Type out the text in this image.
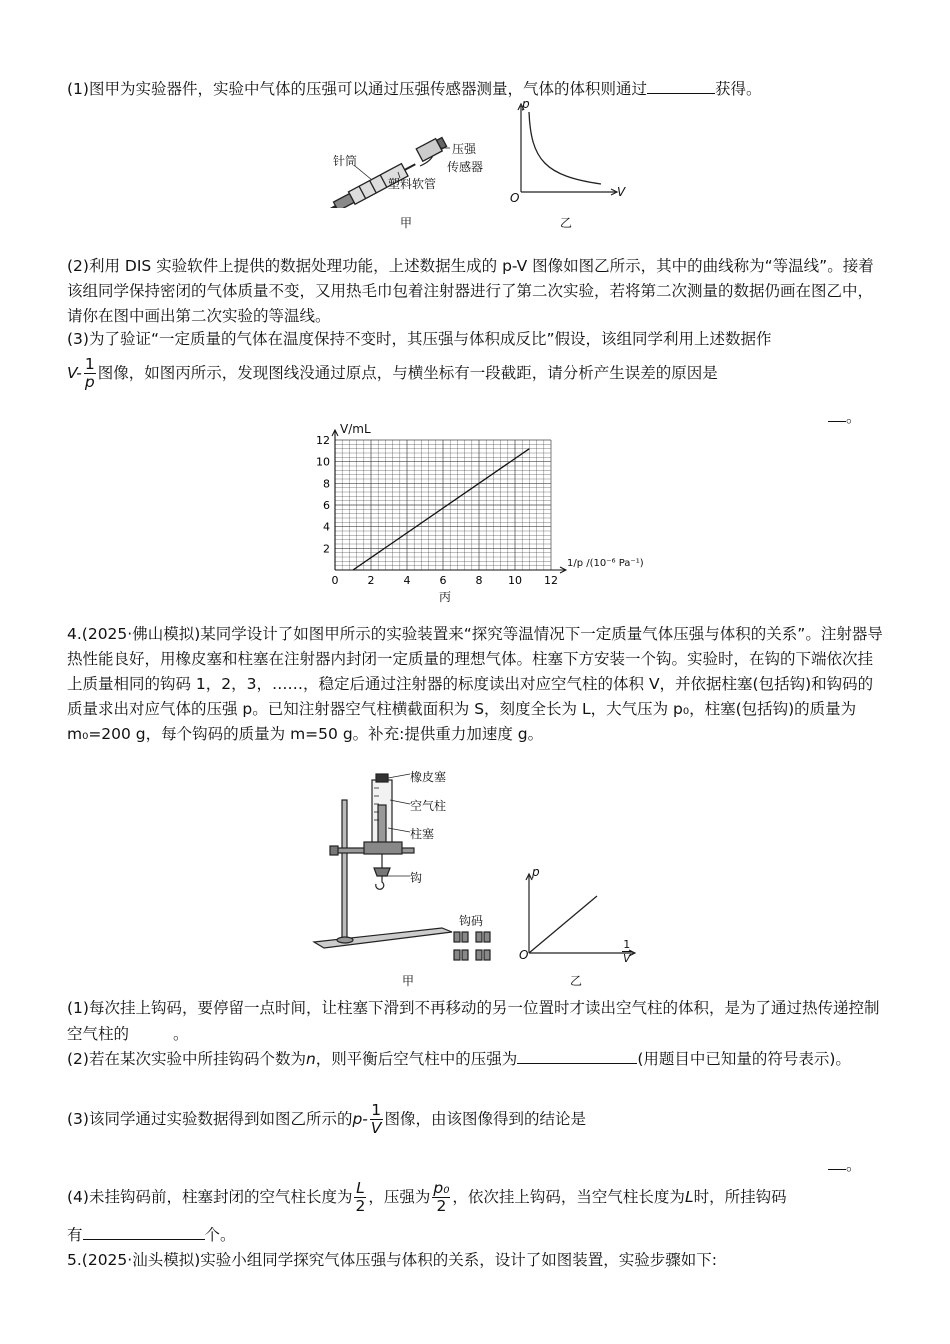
(1)图甲为实验器件，实验中气体的压强可以通过压强传感器测量，气体的体积则通过	获得。
针筒
压强
传感器
塑料软管
甲
p
V
O
乙
(2)利用 DIS 实验软件上提供的数据处理功能，上述数据生成的 p-V 图像如图乙所示，其中的曲线称为“等温线”。接着该组同学保持密闭的气体质量不变，又用热毛巾包着注射器进行了第二次实验，若将第二次测量的数据仍画在图乙中，请你在图中画出第二次实验的等温线。
(3)为了验证“一定质量的气体在温度保持不变时，其压强与体积成反比”假设，该组同学利用上述数据作
$V- \frac{1}{p}$ 图像，如图丙所示，发现图线没通过原点，与横坐标有一段截距，请分析产生误差的原因是
。
0	2	4	6	8 10 12
2
4
6
8
10
12
V/mL
1/p /(10⁻⁶ Pa⁻¹)
丙
4.(2025·佛山模拟)某同学设计了如图甲所示的实验装置来“探究等温情况下一定质量气体压强与体积的关系”。注射器导热性能良好，用橡皮塞和柱塞在注射器内封闭一定质量的理想气体。柱塞下方安装一个钩。实验时，在钩的下端依次挂上质量相同的钩码 1，2，3，……，稳定后通过注射器的标度读出对应空气柱的体积 V，并依据柱塞(包括钩)和钩码的质量求出对应气体的压强 p。已知注射器空气柱横截面积为 S，刻度全长为 L，大气压为 p₀，柱塞(包括钩)的质量为 m₀=200 g，每个钩码的质量为 m=50 g。补充:提供重力加速度 g。
橡皮塞
空气柱
柱塞
钩
钩码
甲
p
O	$\frac{1}{V}$
乙
(1)每次挂上钩码，要停留一点时间，让柱塞下滑到不再移动的另一位置时才读出空气柱的体积，是为了通过热传递控制空气柱的	。
(2)若在某次实验中所挂钩码个数为n，则平衡后空气柱中的压强为	(用题目中已知量的符号表示)。
(3)该同学通过实验数据得到如图乙所示的$p- \frac{1}{V}$ 图像，由该图像得到的结论是
。
(4)未挂钩码前，柱塞封闭的空气柱长度为 $\frac{L}{2}$ ，压强为 $\frac{\text{p₀}}{2}$ ，依次挂上钩码，当空气柱长度为L时，所挂钩码
有	个。
5.(2025·汕头模拟)实验小组同学探究气体压强与体积的关系，设计了如图装置，实验步骤如下:
